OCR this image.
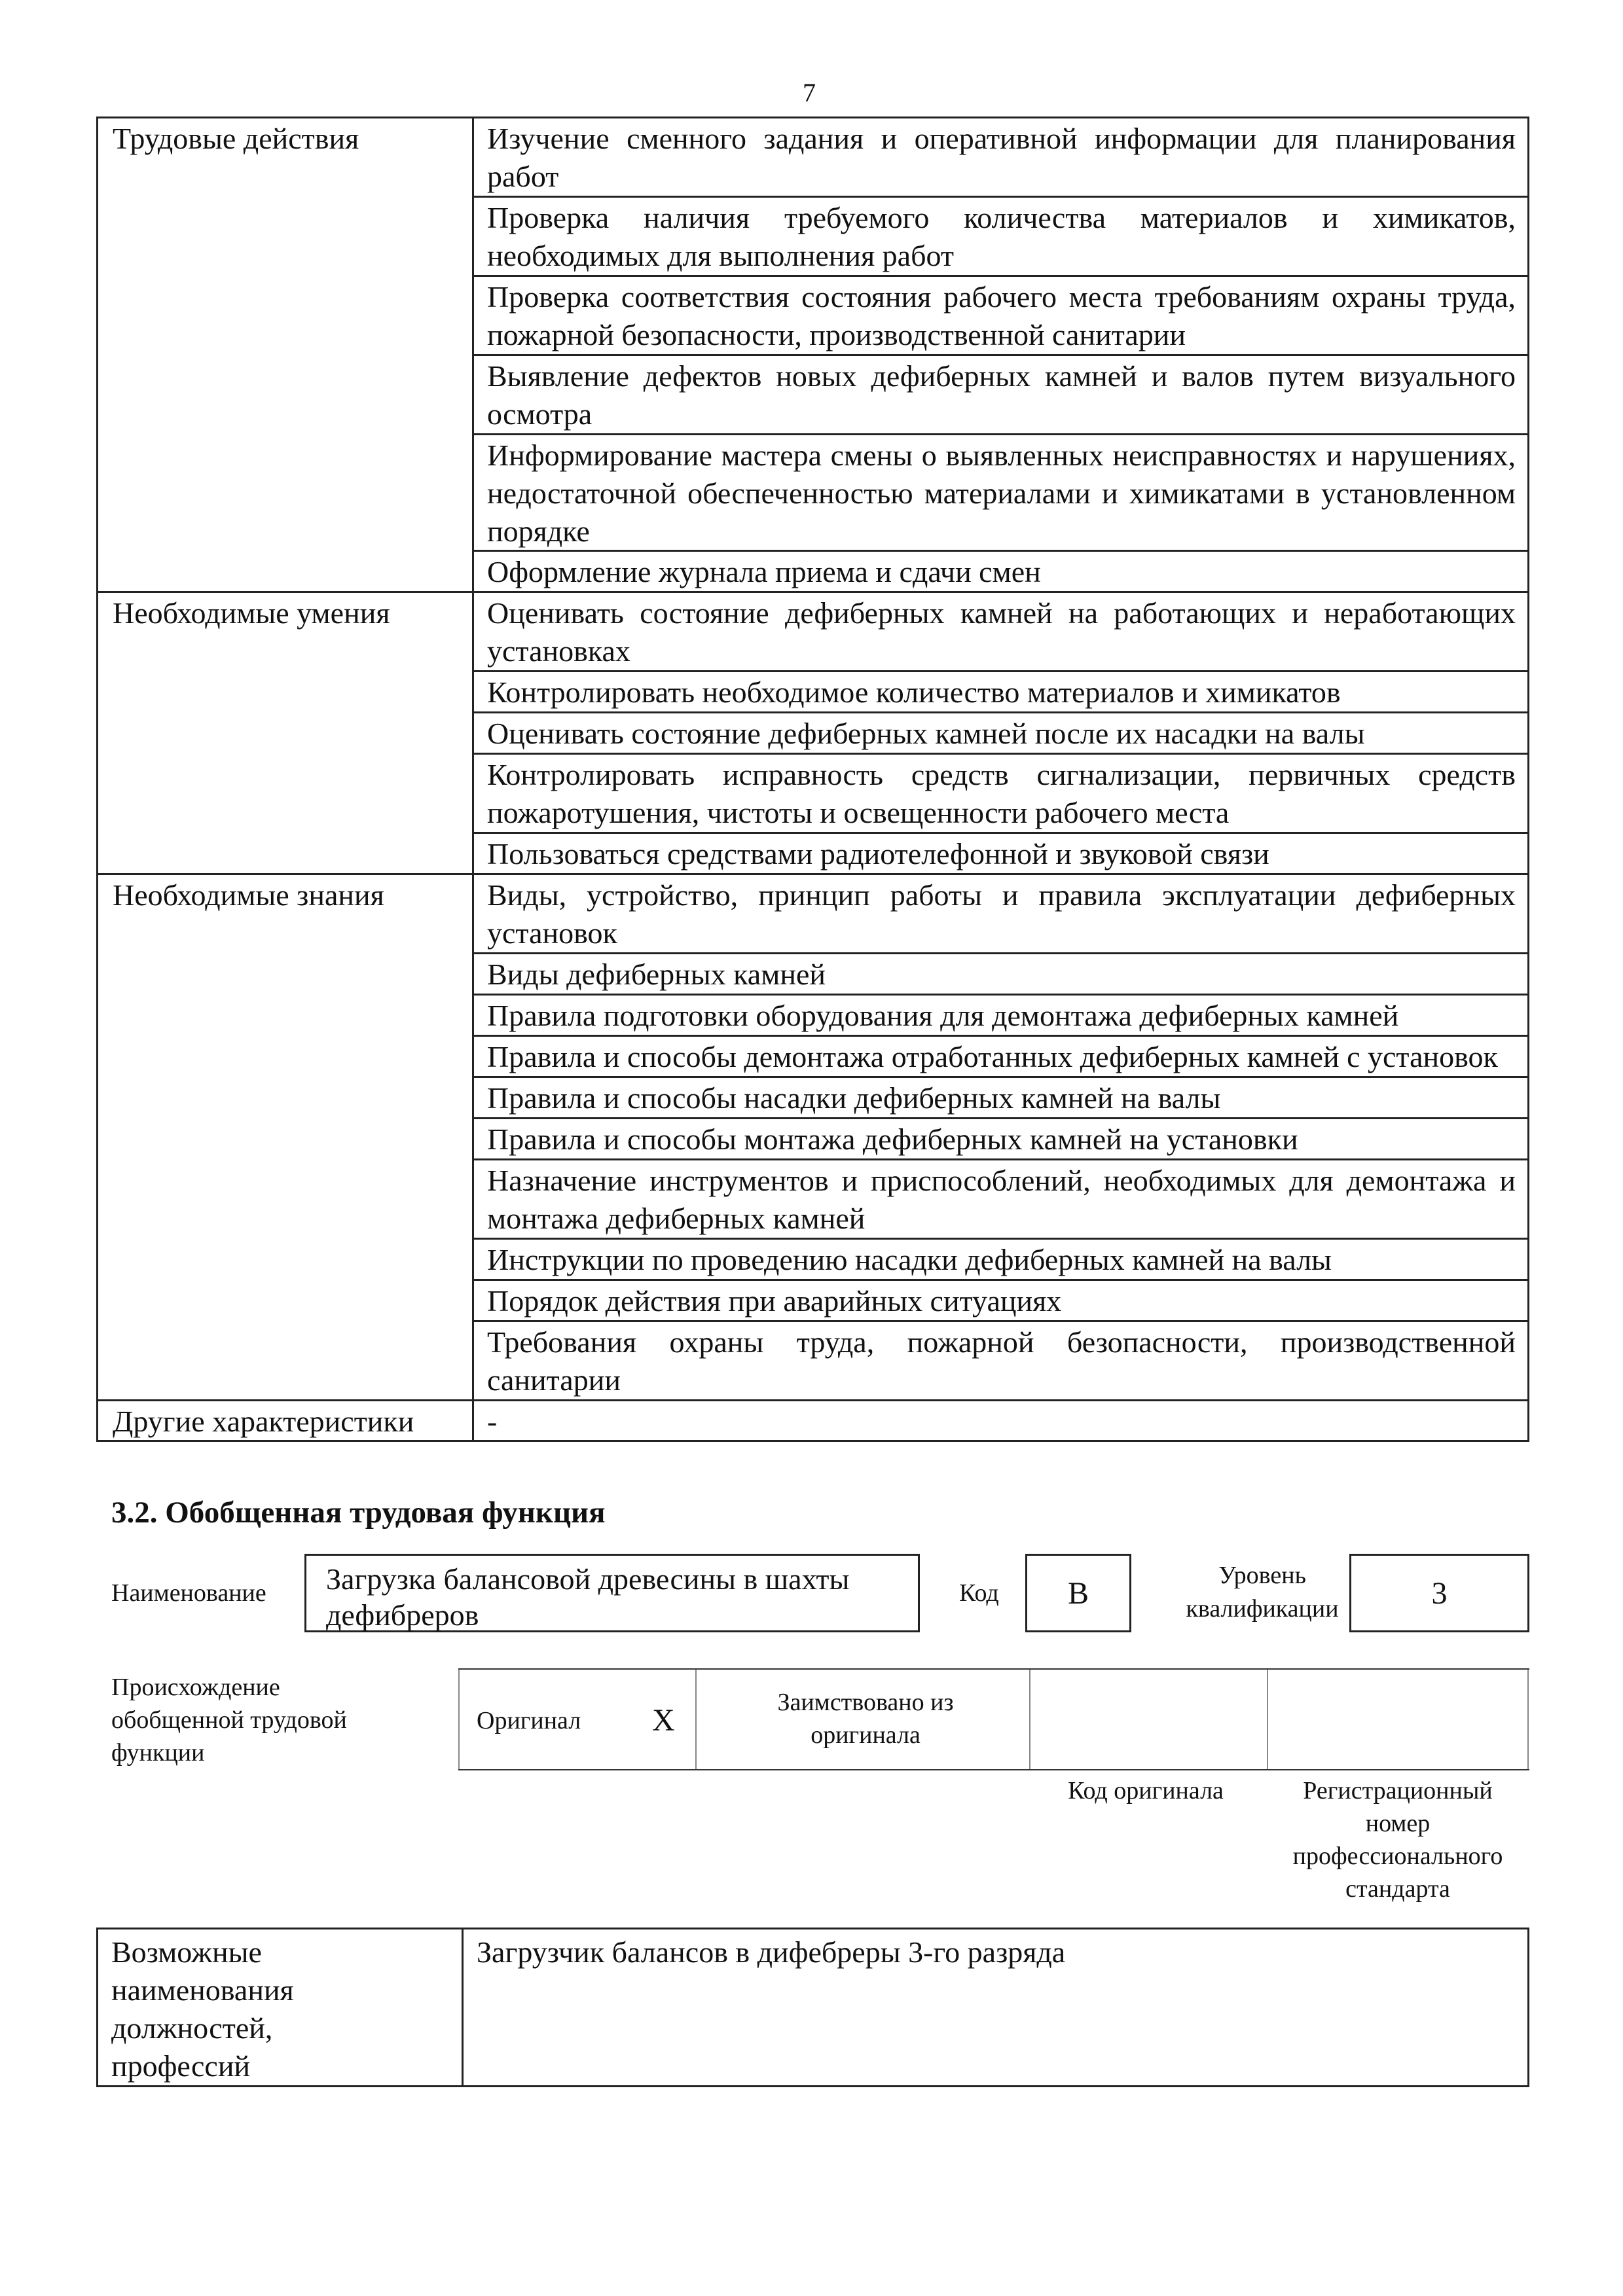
7
Трудовые действия	Изучение сменного задания и оперативной информации для планирования работ
	Проверка наличия требуемого количества материалов и химикатов, необходимых для выполнения работ
	Проверка соответствия состояния рабочего места требованиям охраны труда, пожарной безопасности, производственной санитарии
	Выявление дефектов новых дефиберных камней и валов путем визуального осмотра
	Информирование мастера смены о выявленных неисправностях и нарушениях, недостаточной обеспеченностью материалами и химикатами в установленном порядке
	Оформление журнала приема и сдачи смен
Необходимые умения	Оценивать состояние дефиберных камней на работающих и неработающих установках
	Контролировать необходимое количество материалов и химикатов
	Оценивать состояние дефиберных камней после их насадки на валы
	Контролировать исправность средств сигнализации, первичных средств пожаротушения, чистоты и освещенности рабочего места
	Пользоваться средствами радиотелефонной и звуковой связи
Необходимые знания	Виды, устройство, принцип работы и правила эксплуатации дефиберных установок
	Виды дефиберных камней
	Правила подготовки оборудования для демонтажа дефиберных камней
	Правила и способы демонтажа отработанных дефиберных камней с установок
	Правила и способы насадки дефиберных камней на валы
	Правила и способы монтажа дефиберных камней на установки
	Назначение инструментов и приспособлений, необходимых для демонтажа и монтажа дефиберных камней
	Инструкции по проведению насадки дефиберных камней на валы
	Порядок действия при аварийных ситуациях
	Требования охраны труда, пожарной безопасности, производственной санитарии
Другие характеристики	-
3.2. Обобщенная трудовая функция
Наименование	Загрузка балансовой древесины в шахты дефибреров
Код	B
Уровень
квалификации	3
Происхождение
обобщенной трудовой
функции
Оригинал X
Заимствовано из
оригинала
Код оригинала	Регистрационный
номер
профессионального
стандарта
Возможные
наименования
должностей,
профессий
	Загрузчик балансов в дифебреры 3-го разряда
